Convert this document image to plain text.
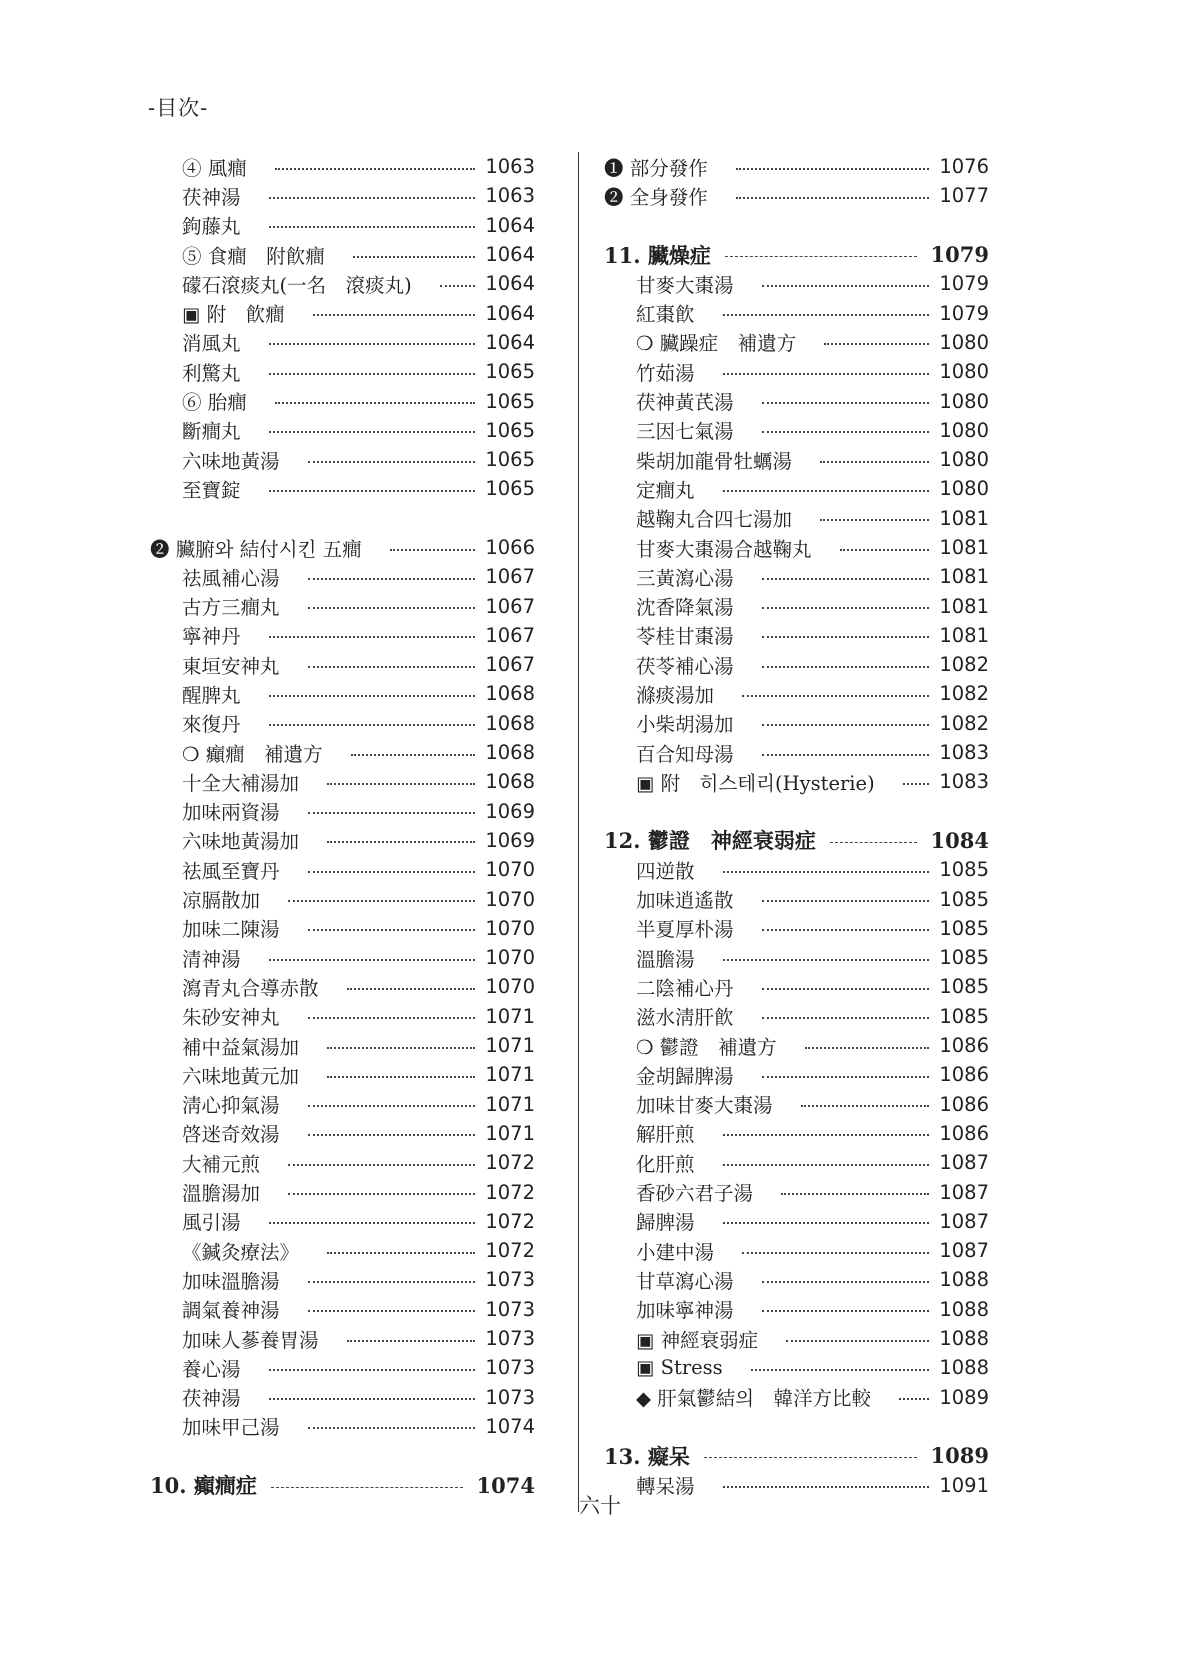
-目次-
④ 風癎	1063
茯神湯	1063
鉤藤丸	1064
⑤ 食癎　附飮癎	1064
礞石滾痰丸(一名　滾痰丸)	1064
▣ 附　飮癎	1064
消風丸	1064
利驚丸	1065
⑥ 胎癎	1065
斷癎丸	1065
六味地黃湯	1065
至寶錠	1065
❷ 臟腑와 結付시킨 五癎	1066
祛風補心湯	1067
古方三癎丸	1067
寧神丹	1067
東垣安神丸	1067
醒脾丸	1068
來復丹	1068
❍ 癲癎　補遺方	1068
十全大補湯加	1068
加味兩資湯	1069
六味地黃湯加	1069
祛風至寶丹	1070
凉膈散加	1070
加味二陳湯	1070
清神湯	1070
瀉青丸合導赤散	1070
朱砂安神丸	1071
補中益氣湯加	1071
六味地黃元加	1071
淸心抑氣湯	1071
啓迷奇效湯	1071
大補元煎	1072
溫膽湯加	1072
風引湯	1072
《鍼灸療法》	1072
加味溫膽湯	1073
調氣養神湯	1073
加味人蔘養胃湯	1073
養心湯	1073
茯神湯	1073
加味甲己湯	1074
10. 癲癎症	1074
❶ 部分發作	1076
❷ 全身發作	1077
11. 臟燥症	1079
甘麥大棗湯	1079
紅棗飮	1079
❍ 臟躁症　補遺方	1080
竹茹湯	1080
茯神黃芪湯	1080
三因七氣湯	1080
柴胡加龍骨牡蠣湯	1080
定癎丸	1080
越鞠丸合四七湯加	1081
甘麥大棗湯合越鞠丸	1081
三黃瀉心湯	1081
沈香降氣湯	1081
苓桂甘棗湯	1081
茯苓補心湯	1082
滌痰湯加	1082
小柴胡湯加	1082
百合知母湯	1083
▣ 附　히스테리(Hysterie)	1083
12. 鬱證　神經衰弱症	1084
四逆散	1085
加味逍遙散	1085
半夏厚朴湯	1085
溫膽湯	1085
二陰補心丹	1085
滋水淸肝飮	1085
❍ 鬱證　補遺方	1086
金胡歸脾湯	1086
加味甘麥大棗湯	1086
解肝煎	1086
化肝煎	1087
香砂六君子湯	1087
歸脾湯	1087
小建中湯	1087
甘草瀉心湯	1088
加味寧神湯	1088
▣ 神經衰弱症	1088
▣ Stress	1088
◆ 肝氣鬱結의　韓洋方比較	1089
13. 癡呆	1089
轉呆湯	1091
六十
